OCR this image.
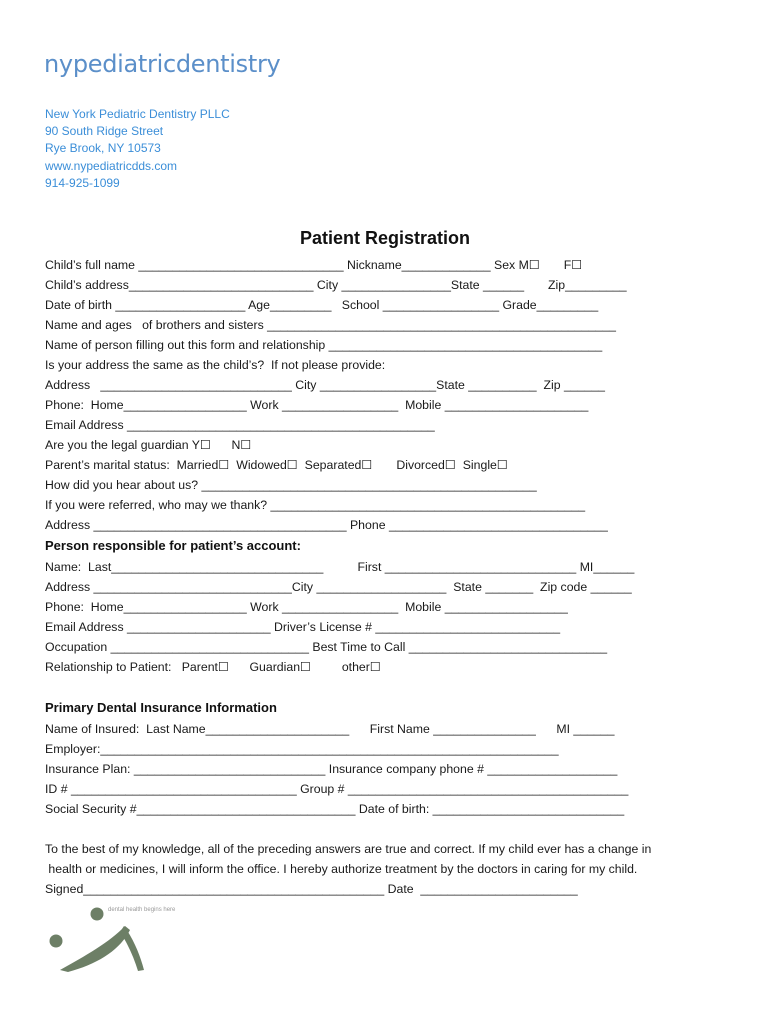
nypediatricdentistry
New York Pediatric Dentistry PLLC
90 South Ridge Street
Rye Brook, NY 10573
www.nypediatricdds.com
914-925-1099
Patient Registration
Child’s full name ______________________________ Nickname_____________ Sex M☐       F☐
Child’s address___________________________ City ________________State ______       Zip_________
Date of birth ___________________ Age_________   School _________________ Grade_________
Name and ages   of brothers and sisters ___________________________________________________
Name of person filling out this form and relationship ________________________________________
Is your address the same as the child’s?  If not please provide:
Address   ____________________________ City _________________State __________  Zip ______
Phone:  Home__________________ Work _________________  Mobile _____________________
Email Address _____________________________________________
Are you the legal guardian Y☐      N☐
Parent’s marital status:  Married☐  Widowed☐  Separated☐       Divorced☐  Single☐
How did you hear about us? _________________________________________________
If you were referred, who may we thank? ______________________________________________
Address _____________________________________ Phone ________________________________
Person responsible for patient’s account:
Name:  Last_______________________________          First ____________________________ MI______
Address _____________________________City ___________________  State _______  Zip code ______
Phone:  Home__________________ Work _________________  Mobile __________________
Email Address _____________________ Driver’s License # ___________________________
Occupation _____________________________ Best Time to Call _____________________________
Relationship to Patient:   Parent☐      Guardian☐         other☐
Primary Dental Insurance Information
Name of Insured:  Last Name_____________________      First Name _______________      MI ______
Employer:___________________________________________________________________
Insurance Plan: ____________________________ Insurance company phone # ___________________
ID # _________________________________ Group # _________________________________________
Social Security #________________________________ Date of birth: ____________________________
To the best of my knowledge, all of the preceding answers are true and correct. If my child ever has a change in
health or medicines, I will inform the office. I hereby authorize treatment by the doctors in caring for my child.
Signed____________________________________________ Date  _______________________
dental health begins here
